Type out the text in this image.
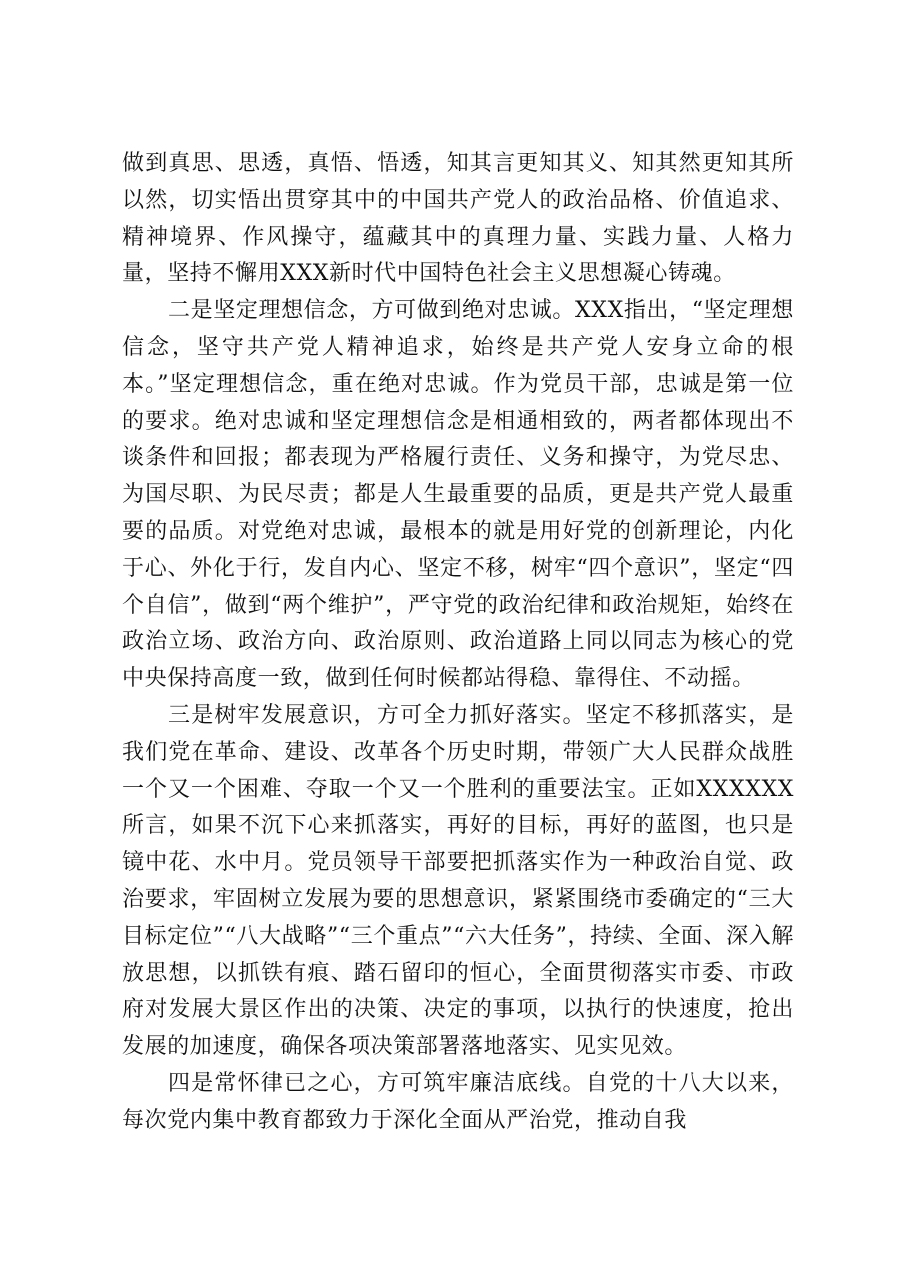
做到真思、思透，真悟、悟透，知其言更知其义、知其然更知其所以然，切实悟出贯穿其中的中国共产党人的政治品格、价值追求、精神境界、作风操守，蕴藏其中的真理力量、实践力量、人格力量，坚持不懈用XXX新时代中国特色社会主义思想凝心铸魂。

二是坚定理想信念，方可做到绝对忠诚。XXX指出，“坚定理想信念，坚守共产党人精神追求，始终是共产党人安身立命的根本。”坚定理想信念，重在绝对忠诚。作为党员干部，忠诚是第一位的要求。绝对忠诚和坚定理想信念是相通相致的，两者都体现出不谈条件和回报；都表现为严格履行责任、义务和操守，为党尽忠、为国尽职、为民尽责；都是人生最重要的品质，更是共产党人最重要的品质。对党绝对忠诚，最根本的就是用好党的创新理论，内化于心、外化于行，发自内心、坚定不移，树牢“四个意识”，坚定“四个自信”，做到“两个维护”，严守党的政治纪律和政治规矩，始终在政治立场、政治方向、政治原则、政治道路上同以同志为核心的党中央保持高度一致，做到任何时候都站得稳、靠得住、不动摇。

三是树牢发展意识，方可全力抓好落实。坚定不移抓落实，是我们党在革命、建设、改革各个历史时期，带领广大人民群众战胜一个又一个困难、夺取一个又一个胜利的重要法宝。正如XXXXXX所言，如果不沉下心来抓落实，再好的目标，再好的蓝图，也只是镜中花、水中月。党员领导干部要把抓落实作为一种政治自觉、政治要求，牢固树立发展为要的思想意识，紧紧围绕市委确定的“三大目标定位”“八大战略”“三个重点”“六大任务”，持续、全面、深入解放思想，以抓铁有痕、踏石留印的恒心，全面贯彻落实市委、市政府对发展大景区作出的决策、决定的事项，以执行的快速度，抢出发展的加速度，确保各项决策部署落地落实、见实见效。

四是常怀律已之心，方可筑牢廉洁底线。自党的十八大以来，每次党内集中教育都致力于深化全面从严治党，推动自我
